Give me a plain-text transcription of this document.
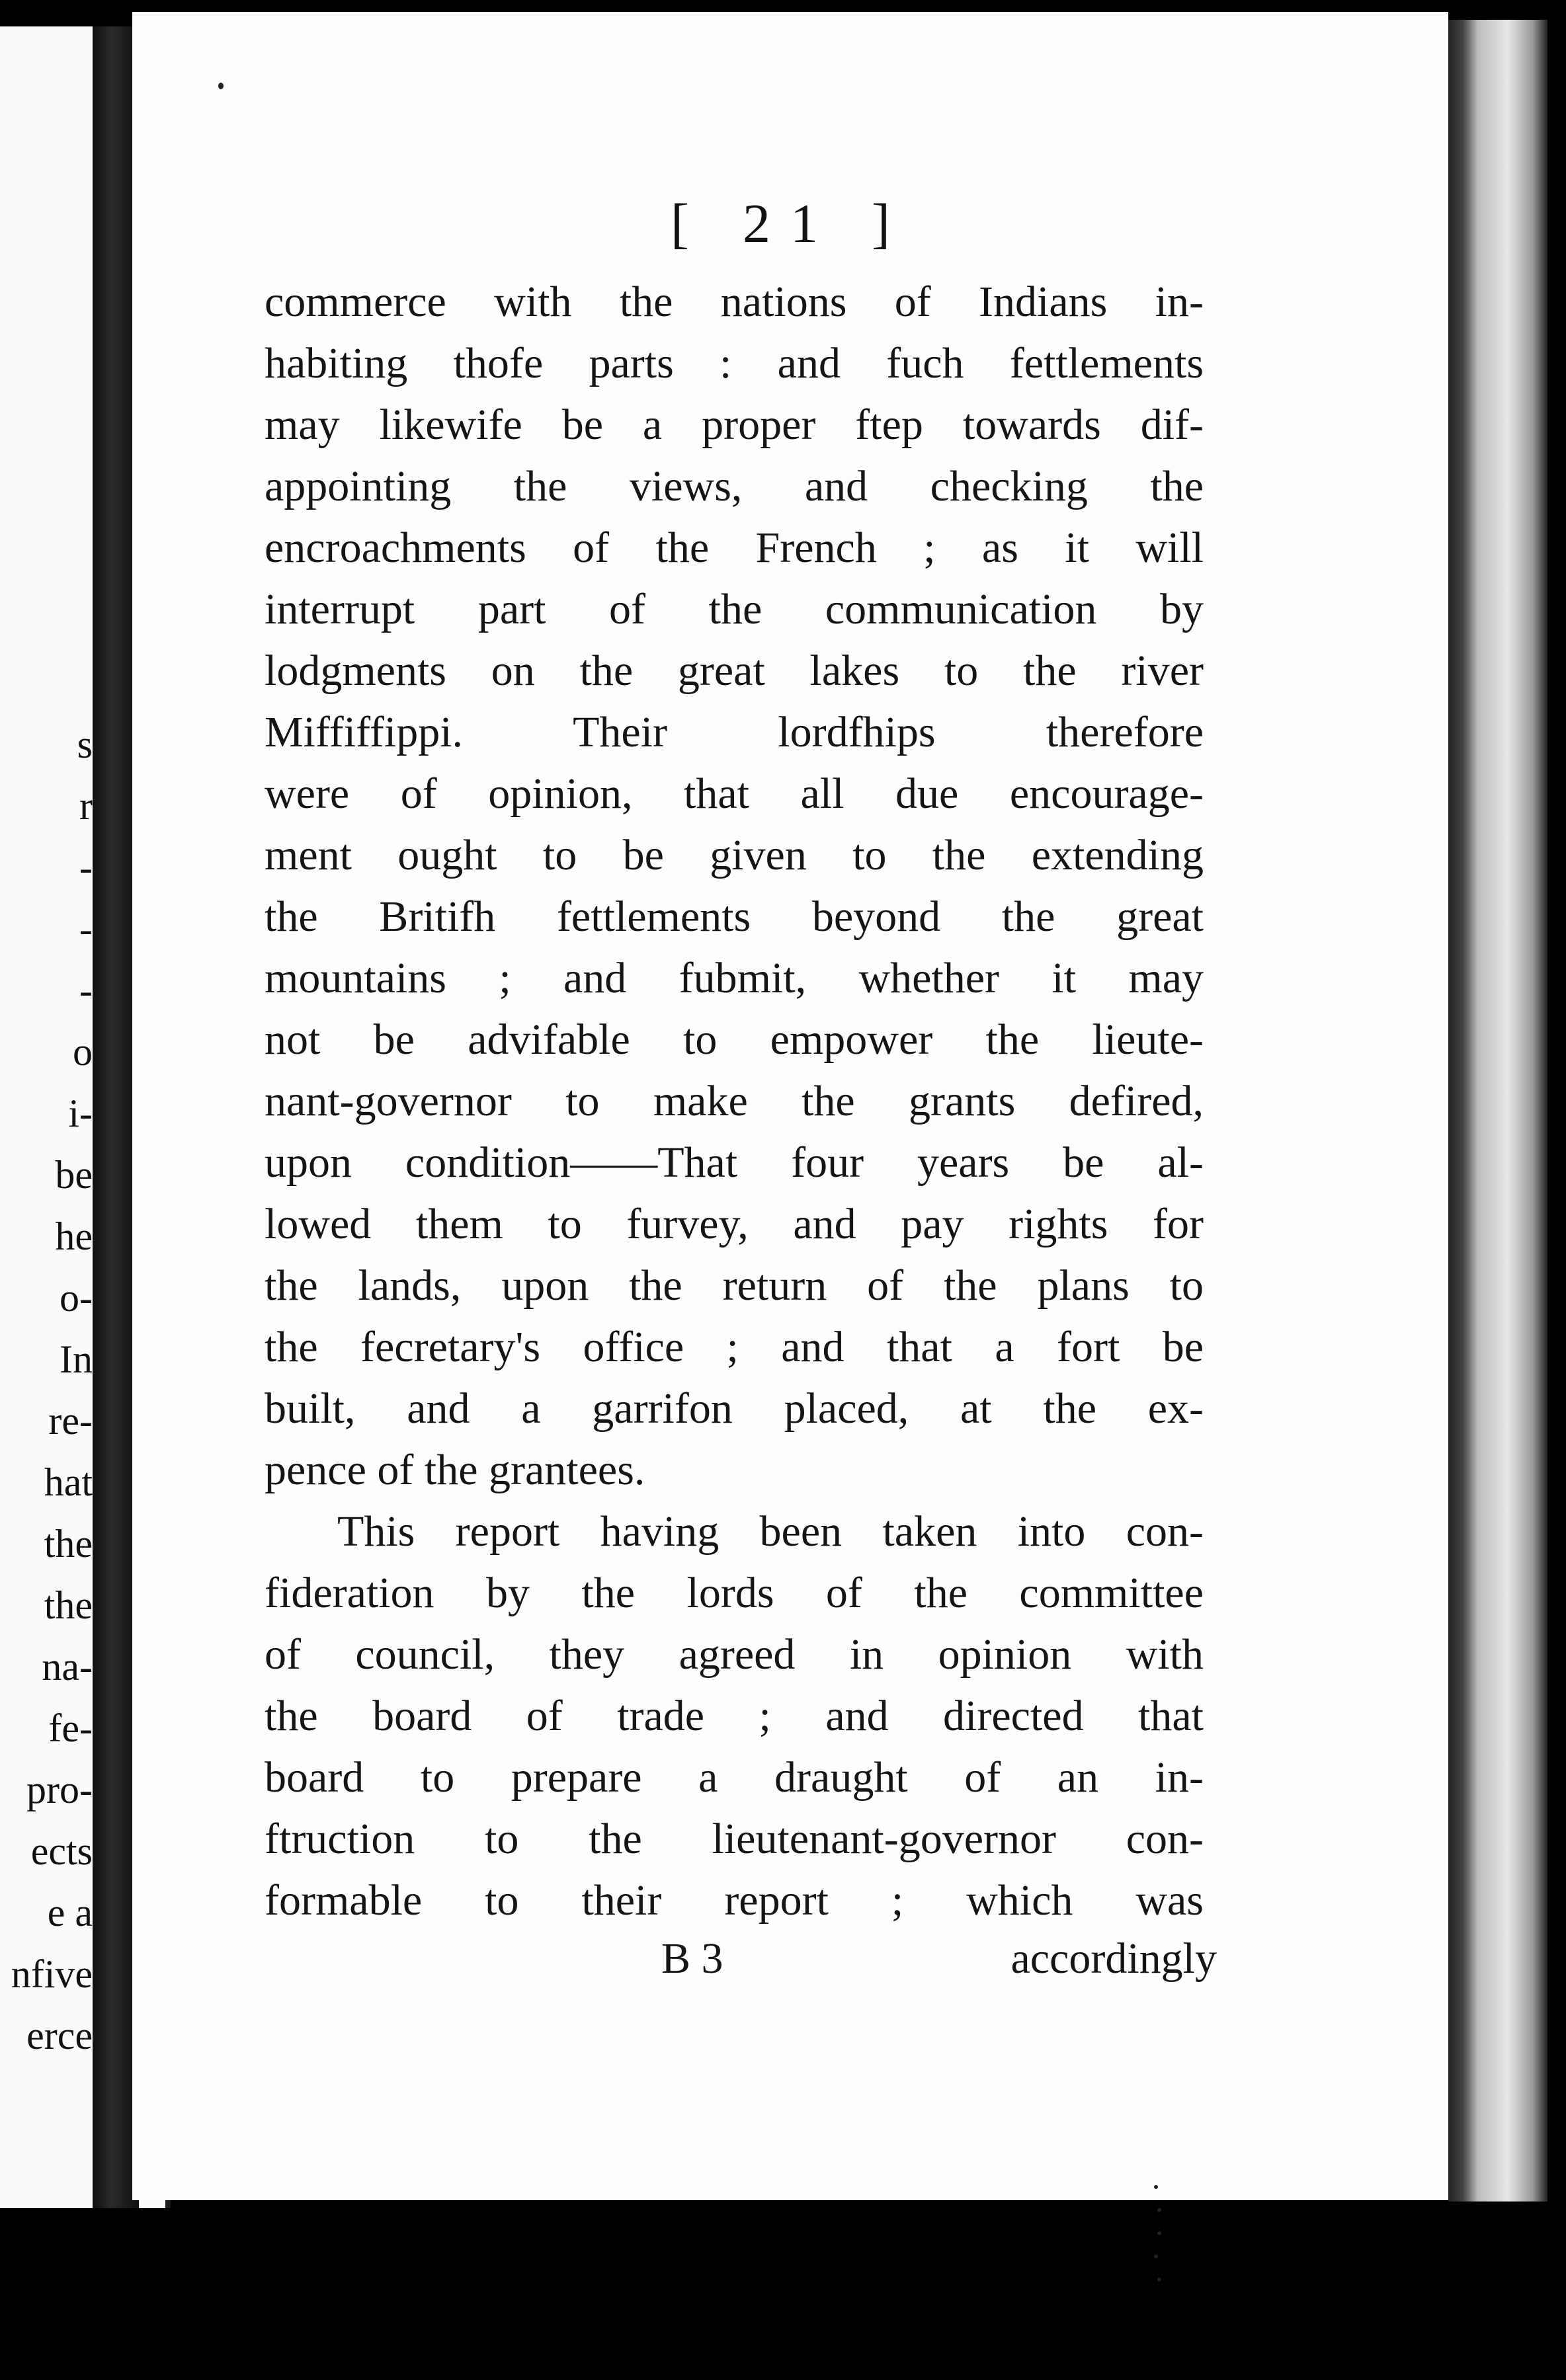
s
r
-
-
-
o
i-
be
he
o-
In
re-
hat
the
the
na-
fe-
pro-
ects
e a
nfive
erce
[ 21 ]
commerce with the nations of Indians in-
habiting thofe parts : and fuch fettlements
may likewife be a proper ftep towards dif-
appointing the views, and checking the
encroachments of the French ; as it will
interrupt part of the communication by
lodgments on the great lakes to the river
Miffiffippi. Their lordfhips therefore
were of opinion, that all due encourage-
ment ought to be given to the extending
the Britifh fettlements beyond the great
mountains ; and fubmit, whether it may
not be advifable to empower the lieute-
nant-governor to make the grants defired,
upon condition——That four years be al-
lowed them to furvey, and pay rights for
the lands, upon the return of the plans to
the fecretary's office ; and that a fort be
built, and a garrifon placed, at the ex-
pence of the grantees.
This report having been taken into con-
fideration by the lords of the committee
of council, they agreed in opinion with
the board of trade ; and directed that
board to prepare a draught of an in-
ftruction to the lieutenant-governor con-
formable to their report ; which was
B 3	accordingly
